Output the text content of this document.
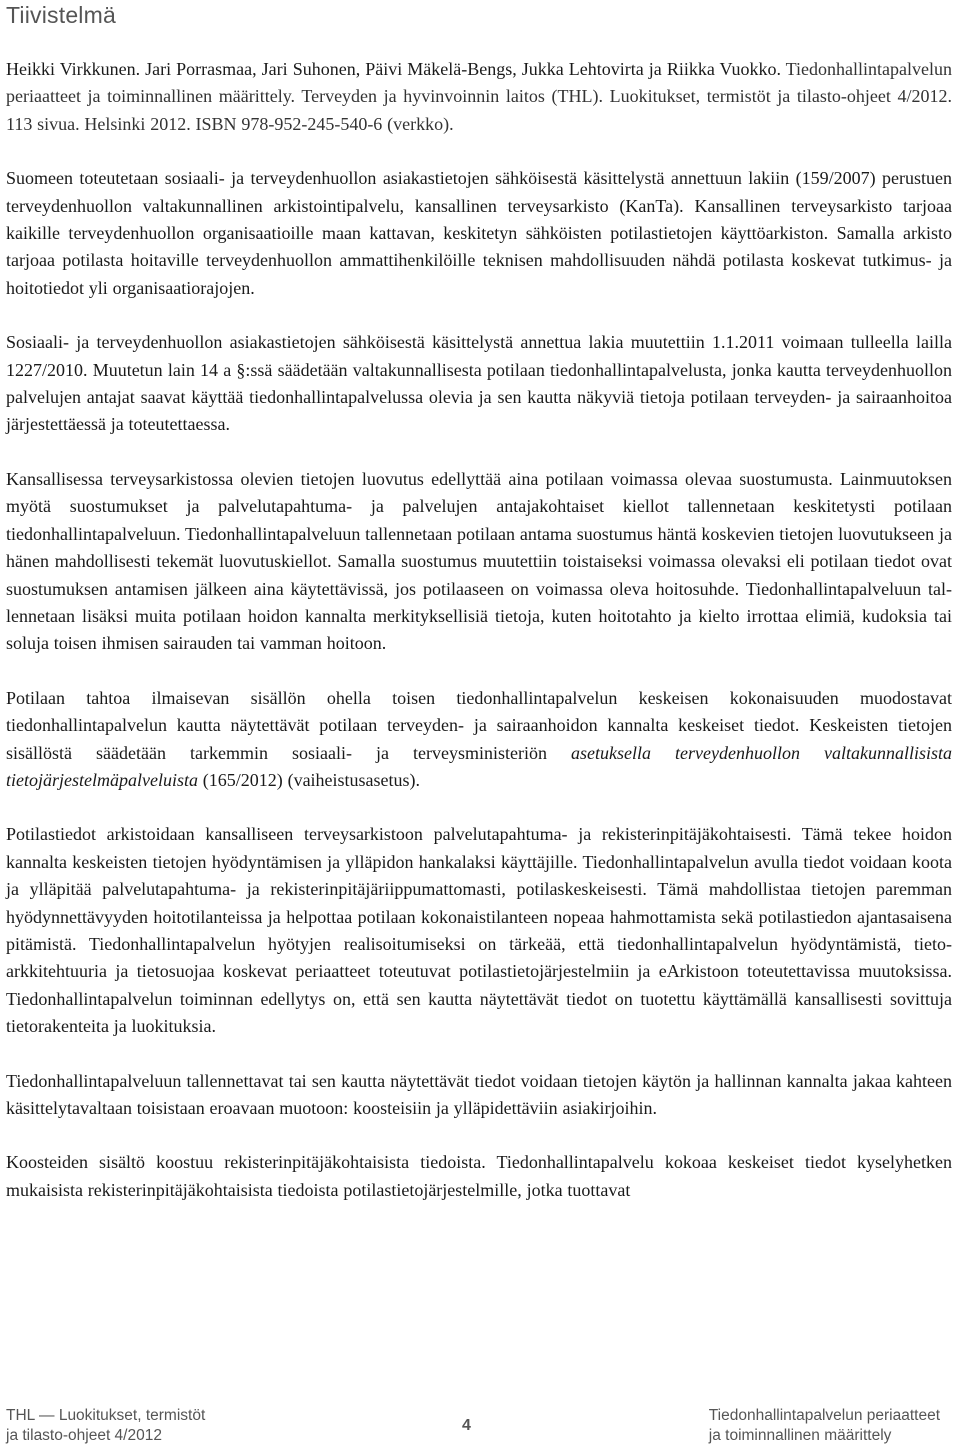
Tiivistelmä

Heikki Virkkunen. Jari Porrasmaa, Jari Suhonen, Päivi Mäkelä-Bengs, Jukka Lehtovirta ja Riikka Vuokko. Tiedonhallintapalvelun periaatteet ja toiminnallinen määrittely. Terveyden ja hyvinvoinnin laitos (THL). Luokitukset, termistöt ja tilasto-ohjeet 4/2012. 113 sivua. Helsinki 2012. ISBN 978-952-245-540-6 (verkko).

Suomeen toteutetaan sosiaali- ja terveydenhuollon asiakastietojen sähköisestä käsittelystä annettuun lakiin (159/2007) perustuen terveydenhuollon valtakunnallinen arkistointipalvelu, kansallinen terveysarkisto (KanTa). Kansallinen terveysarkisto tarjoaa kaikille terveydenhuollon organisaatioille maan kattavan, keskitetyn sähköisten potilastietojen käyttöarkiston. Samalla arkisto tarjoaa potilasta hoitaville terveydenhuollon ammattihenkilöille teknisen mahdollisuuden nähdä potilasta koskevat tutkimus- ja hoitotiedot yli organisaatiorajojen.

Sosiaali- ja terveydenhuollon asiakastietojen sähköisestä käsittelystä annettua lakia muutettiin 1.1.2011 voimaan tulleella lailla 1227/2010. Muutetun lain 14 a §:ssä säädetään valtakunnallisesta potilaan tiedonhallintapalvelusta, jonka kautta terveydenhuollon palvelujen antajat saavat käyttää tiedonhallintapalvelussa olevia ja sen kautta näkyviä tietoja potilaan terveyden- ja sairaanhoitoa järjestettäessä ja toteutettaessa.

Kansallisessa terveysarkistossa olevien tietojen luovutus edellyttää aina potilaan voimassa olevaa suostumusta. Lainmuutoksen myötä suostumukset ja palvelutapahtuma- ja palvelujen antajakohtaiset kiellot tallennetaan keskitetysti potilaan tiedonhallintapalveluun. Tiedonhallintapalveluun tallennetaan potilaan antama suostumus häntä koskevien tietojen luovutukseen ja hänen mahdollisesti tekemät luovutuskiellot. Samalla suostumus muutettiin toistaiseksi voimassa olevaksi eli potilaan tiedot ovat suostumuksen antamisen jälkeen aina käytettävissä, jos potilaaseen on voimassa oleva hoitosuhde. Tiedonhallintapalveluun tallennetaan lisäksi muita potilaan hoidon kannalta merkityksellisiä tietoja, kuten hoitotahto ja kielto irrottaa elimiä, kudoksia tai soluja toisen ihmisen sairauden tai vamman hoitoon.

Potilaan tahtoa ilmaisevan sisällön ohella toisen tiedonhallintapalvelun keskeisen kokonaisuuden muodostavat tiedonhallintapalvelun kautta näytettävät potilaan terveyden- ja sairaanhoidon kannalta keskeiset tiedot. Keskeisten tietojen sisällöstä säädetään tarkemmin sosiaali- ja terveysministeriön asetuksella terveydenhuollon valtakunnallisista tietojärjestelmäpalveluista (165/2012) (vaiheistusasetus).

Potilastiedot arkistoidaan kansalliseen terveysarkistoon palvelutapahtuma- ja rekisterinpitäjäkohtaisesti. Tämä tekee hoidon kannalta keskeisten tietojen hyödyntämisen ja ylläpidon hankalaksi käyttäjille. Tiedonhallintapalvelun avulla tiedot voidaan koota ja ylläpitää palvelutapahtuma- ja rekisterinpitäjäriippumattomasti, potilaskeskeisesti. Tämä mahdollistaa tietojen paremman hyödynnettävyyden hoitotilanteissa ja helpottaa potilaan kokonaistilanteen nopeaa hahmottamista sekä potilastiedon ajantasaisena pitämistä. Tiedonhallintapalvelun hyötyjen realisoitumiseksi on tärkeää, että tiedonhallintapalvelun hyödyntämistä, tietoarkkitehtuuria ja tietosuojaa koskevat periaatteet toteutuvat potilastietojärjestelmiin ja eArkistoon toteutettavissa muutoksissa. Tiedonhallintapalvelun toiminnan edellytys on, että sen kautta näytettävät tiedot on tuotettu käyttämällä kansallisesti sovittuja tietorakenteita ja luokituksia.

Tiedonhallintapalveluun tallennettavat tai sen kautta näytettävät tiedot voidaan tietojen käytön ja hallinnan kannalta jakaa kahteen käsittelytavaltaan toisistaan eroavaan muotoon: koosteisiin ja ylläpidettäviin asiakirjoihin.

Koosteiden sisältö koostuu rekisterinpitäjäkohtaisista tiedoista. Tiedonhallintapalvelu kokoaa keskeiset tiedot kyselyhetken mukaisista rekisterinpitäjäkohtaisista tiedoista potilastietojärjestelmille, jotka tuottavat

THL — Luokitukset, termistöt
ja tilasto-ohjeet 4/2012
4
Tiedonhallintapalvelun periaatteet
ja toiminnallinen määrittely
